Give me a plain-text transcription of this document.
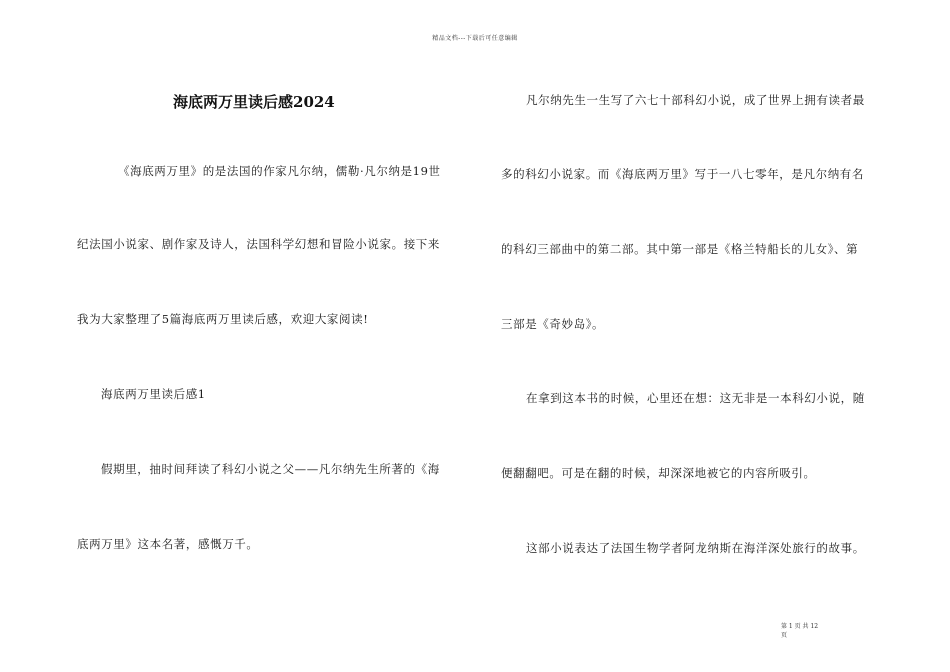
精品文档---下载后可任意编辑
海底两万里读后感2024
《海底两万里》的是法国的作家凡尔纳，儒勒·凡尔纳是19世
纪法国小说家、剧作家及诗人，法国科学幻想和冒险小说家。接下来
我为大家整理了5篇海底两万里读后感，欢迎大家阅读!
海底两万里读后感1
假期里，抽时间拜读了科幻小说之父——凡尔纳先生所著的《海
底两万里》这本名著，感慨万千。
凡尔纳先生一生写了六七十部科幻小说，成了世界上拥有读者最
多的科幻小说家。而《海底两万里》写于一八七零年，是凡尔纳有名
的科幻三部曲中的第二部。其中第一部是《格兰特船长的儿女》、第
三部是《奇妙岛》。
在拿到这本书的时候，心里还在想：这无非是一本科幻小说，随
便翻翻吧。可是在翻的时候，却深深地被它的内容所吸引。
这部小说表达了法国生物学者阿龙纳斯在海洋深处旅行的故事。
第 1 页 共 12
页
